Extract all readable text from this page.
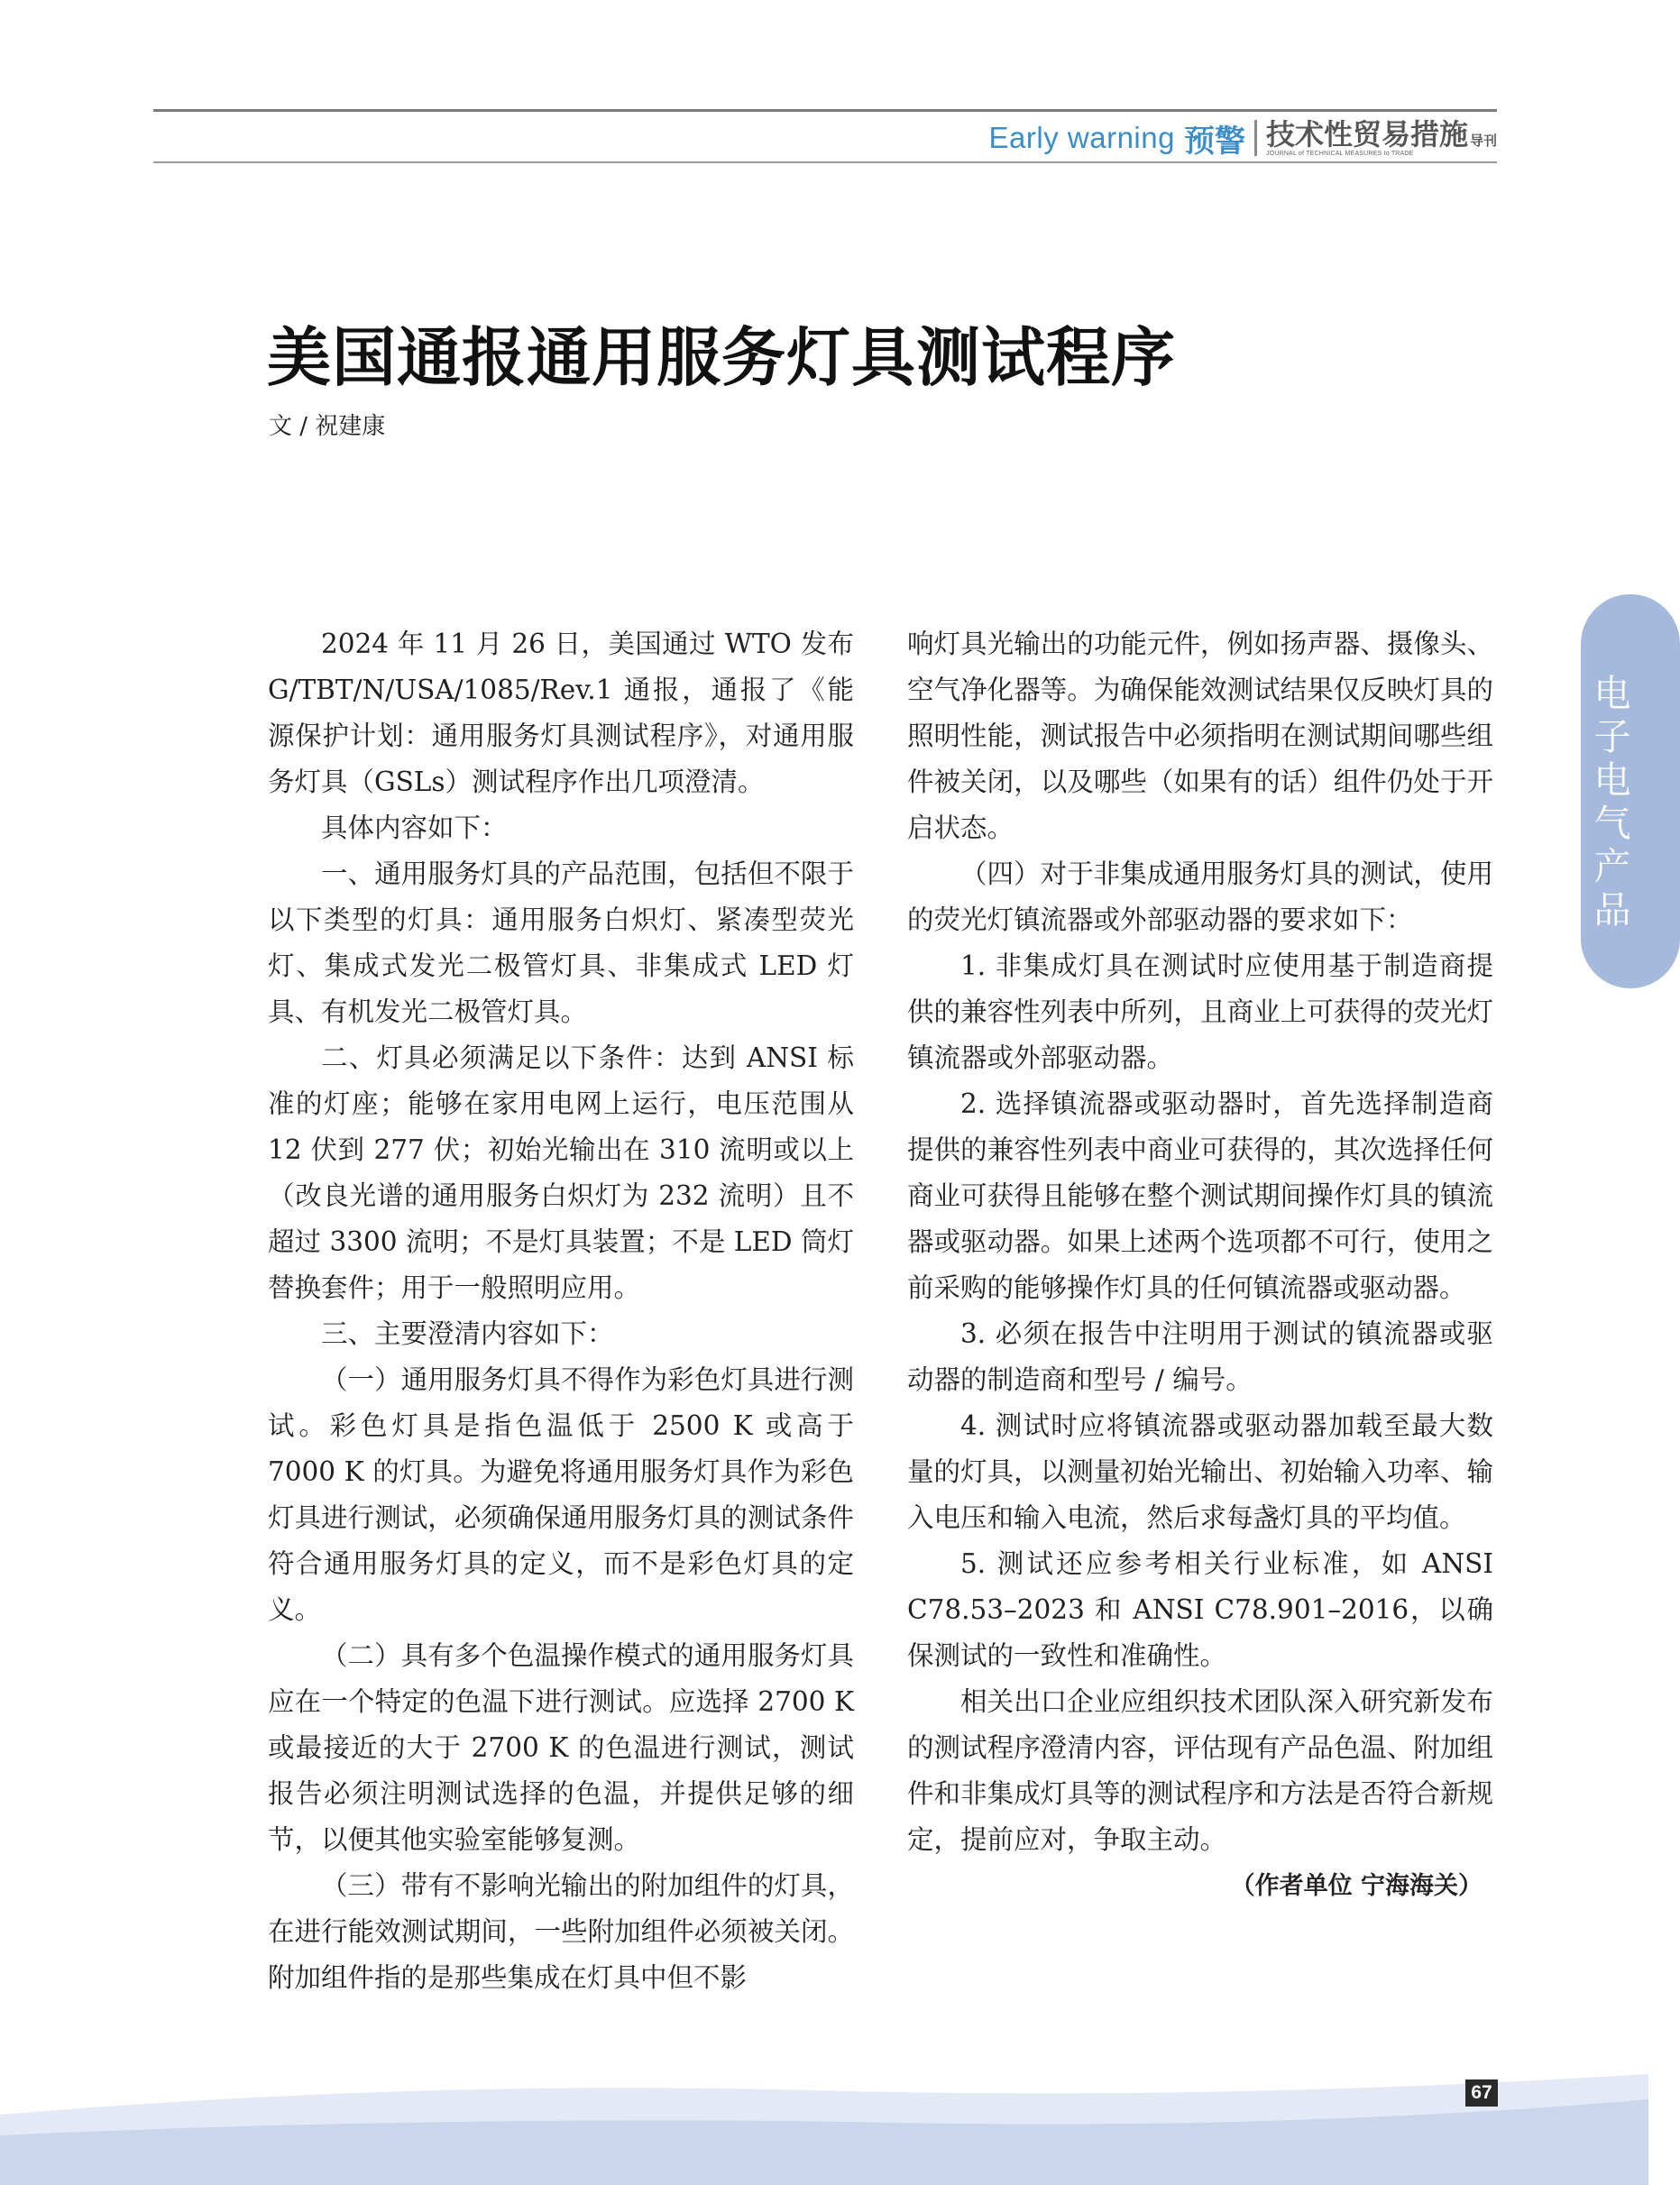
Early warning 预警 技术性贸易措施 导刊
JOURNAL of TECHNICAL MEASURES to TRADE
美国通报通用服务灯具测试程序
文 / 祝建康

2024 年 11 月 26 日，美国通过 WTO 发布 G/TBT/N/USA/1085/Rev.1 通报，通报了《能源保护计划：通用服务灯具测试程序》，对通用服务灯具（GSLs）测试程序作出几项澄清。

具体内容如下：

一、通用服务灯具的产品范围，包括但不限于以下类型的灯具：通用服务白炽灯、紧凑型荧光灯、集成式发光二极管灯具、非集成式 LED 灯具、有机发光二极管灯具。

二、灯具必须满足以下条件：达到 ANSI 标准的灯座；能够在家用电网上运行，电压范围从 12 伏到 277 伏；初始光输出在 310 流明或以上（改良光谱的通用服务白炽灯为 232 流明）且不超过 3300 流明；不是灯具装置；不是 LED 筒灯替换套件；用于一般照明应用。

三、主要澄清内容如下：

（一）通用服务灯具不得作为彩色灯具进行测试。彩色灯具是指色温低于 2500 K 或高于 7000 K 的灯具。为避免将通用服务灯具作为彩色灯具进行测试，必须确保通用服务灯具的测试条件符合通用服务灯具的定义，而不是彩色灯具的定义。

（二）具有多个色温操作模式的通用服务灯具应在一个特定的色温下进行测试。应选择 2700 K 或最接近的大于 2700 K 的色温进行测试，测试报告必须注明测试选择的色温，并提供足够的细节，以便其他实验室能够复测。

（三）带有不影响光输出的附加组件的灯具，在进行能效测试期间，一些附加组件必须被关闭。附加组件指的是那些集成在灯具中但不影

响灯具光输出的功能元件，例如扬声器、摄像头、空气净化器等。为确保能效测试结果仅反映灯具的照明性能，测试报告中必须指明在测试期间哪些组件被关闭，以及哪些（如果有的话）组件仍处于开启状态。

（四）对于非集成通用服务灯具的测试，使用的荧光灯镇流器或外部驱动器的要求如下：

1. 非集成灯具在测试时应使用基于制造商提供的兼容性列表中所列，且商业上可获得的荧光灯镇流器或外部驱动器。

2. 选择镇流器或驱动器时，首先选择制造商提供的兼容性列表中商业可获得的，其次选择任何商业可获得且能够在整个测试期间操作灯具的镇流器或驱动器。如果上述两个选项都不可行，使用之前采购的能够操作灯具的任何镇流器或驱动器。

3. 必须在报告中注明用于测试的镇流器或驱动器的制造商和型号 / 编号。

4. 测试时应将镇流器或驱动器加载至最大数量的灯具，以测量初始光输出、初始输入功率、输入电压和输入电流，然后求每盏灯具的平均值。

5. 测试还应参考相关行业标准，如 ANSI C78.53–2023 和 ANSI C78.901–2016，以确保测试的一致性和准确性。

相关出口企业应组织技术团队深入研究新发布的测试程序澄清内容，评估现有产品色温、附加组件和非集成灯具等的测试程序和方法是否符合新规定，提前应对，争取主动。

（作者单位 宁海海关）

电子电气产品
67
